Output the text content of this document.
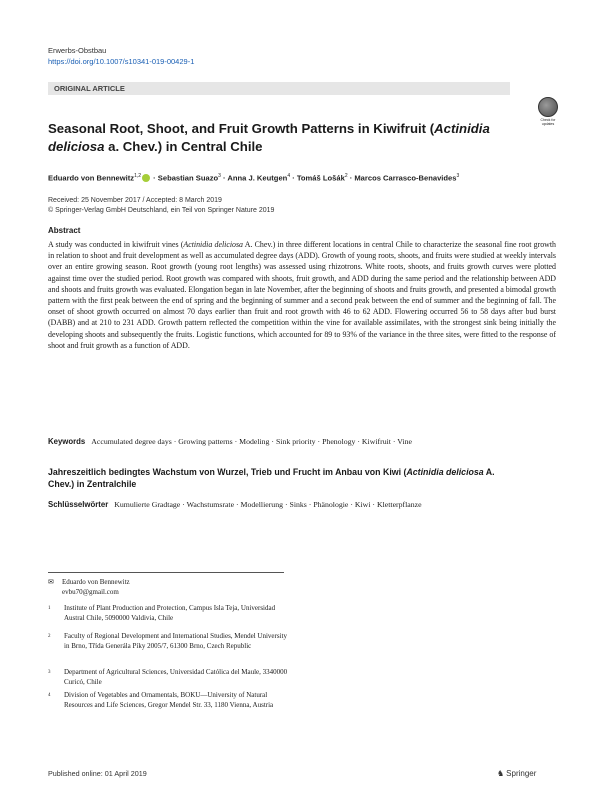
Erwerbs-Obstbau
https://doi.org/10.1007/s10341-019-00429-1
ORIGINAL ARTICLE
Check for
updates
Seasonal Root, Shoot, and Fruit Growth Patterns in Kiwifruit (Actinidia deliciosa a. Chev.) in Central Chile
Eduardo von Bennewitz$^{1,2}$ · Sebastian Suazo$^3$ · Anna J. Keutgen$^4$ · Tomáš Lošák$^2$ · Marcos Carrasco-Benavides$^3$
Received: 25 November 2017 / Accepted: 8 March 2019
© Springer-Verlag GmbH Deutschland, ein Teil von Springer Nature 2019
Abstract
A study was conducted in kiwifruit vines (Actinidia deliciosa A. Chev.) in three different locations in central Chile to characterize the seasonal fine root growth in relation to shoot and fruit development as well as accumulated degree days (ADD). Growth of young roots, shoots, and fruits were studied at weekly intervals over an entire growing season. Root growth (young root lengths) was assessed using rhizotrons. White roots, shoots, and fruits growth curves were plotted against time over the studied period. Root growth was compared with shoots, fruit growth, and ADD during the same period and the relationship between ADD and shoots and fruits growth was evaluated. Elongation began in late November, after the beginning of shoots and fruits growth, and presented a bimodal growth pattern with the first peak between the end of spring and the beginning of summer and a second peak between the end of summer and the beginning of fall. The onset of shoot growth occurred on almost 70 days earlier than fruit and root growth with 46 to 62 ADD. Flowering occurred 56 to 58 days after bud burst (DABB) and at 210 to 231 ADD. Growth pattern reflected the competition within the vine for available assimilates, with the strongest sink being initially the developing shoots and subsequently the fruits. Logistic functions, which accounted for 89 to 93% of the variance in the three sites, were fitted to the response of shoot and fruit growth as a function of ADD.
Keywords Accumulated degree days · Growing patterns · Modeling · Sink priority · Phenology · Kiwifruit · Vine
Jahreszeitlich bedingtes Wachstum von Wurzel, Trieb und Frucht im Anbau von Kiwi (Actinidia deliciosa A. Chev.) in Zentralchile
Schlüsselwörter Kumulierte Gradtage · Wachstumsrate · Modellierung · Sinks · Phänologie · Kiwi · Kletterpflanze
✉ Eduardo von Bennewitz
evbu70@gmail.com
1 Institute of Plant Production and Protection, Campus Isla Teja, Universidad Austral Chile, 5090000 Valdivia, Chile
2 Faculty of Regional Development and International Studies, Mendel University in Brno, Třída Generála Píky 2005/7, 61300 Brno, Czech Republic
3 Department of Agricultural Sciences, Universidad Católica del Maule, 3340000 Curicó, Chile
4 Division of Vegetables and Ornamentals, BOKU—University of Natural Resources and Life Sciences, Gregor Mendel Str. 33, 1180 Vienna, Austria
Published online: 01 April 2019	♞ Springer
